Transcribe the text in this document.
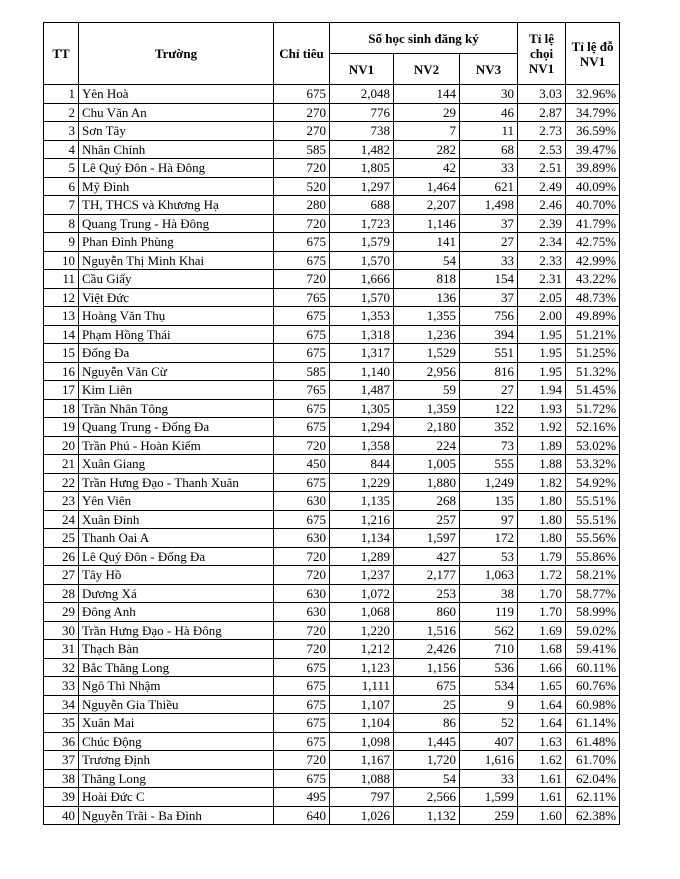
TT	Trường	Chỉ tiêu	Số học sinh đăng ký			Tỉ lệ chọi NV1	Tỉ lệ đỗ NV1
			NV1	NV2	NV3		
1	Yên Hoà	675	2,048	144	30	3.03	32.96%
2	Chu Văn An	270	776	29	46	2.87	34.79%
3	Sơn Tây	270	738	7	11	2.73	36.59%
4	Nhân Chính	585	1,482	282	68	2.53	39.47%
5	Lê Quý Đôn - Hà Đông	720	1,805	42	33	2.51	39.89%
6	Mỹ Đình	520	1,297	1,464	621	2.49	40.09%
7	TH, THCS và Khương Hạ	280	688	2,207	1,498	2.46	40.70%
8	Quang Trung - Hà Đông	720	1,723	1,146	37	2.39	41.79%
9	Phan Đình Phùng	675	1,579	141	27	2.34	42.75%
10	Nguyễn Thị Minh Khai	675	1,570	54	33	2.33	42.99%
11	Cầu Giấy	720	1,666	818	154	2.31	43.22%
12	Việt Đức	765	1,570	136	37	2.05	48.73%
13	Hoàng Văn Thụ	675	1,353	1,355	756	2.00	49.89%
14	Phạm Hồng Thái	675	1,318	1,236	394	1.95	51.21%
15	Đống Đa	675	1,317	1,529	551	1.95	51.25%
16	Nguyễn Văn Cừ	585	1,140	2,956	816	1.95	51.32%
17	Kim Liên	765	1,487	59	27	1.94	51.45%
18	Trần Nhân Tông	675	1,305	1,359	122	1.93	51.72%
19	Quang Trung - Đống Đa	675	1,294	2,180	352	1.92	52.16%
20	Trần Phú - Hoàn Kiếm	720	1,358	224	73	1.89	53.02%
21	Xuân Giang	450	844	1,005	555	1.88	53.32%
22	Trần Hưng Đạo - Thanh Xuân	675	1,229	1,880	1,249	1.82	54.92%
23	Yên Viên	630	1,135	268	135	1.80	55.51%
24	Xuân Đỉnh	675	1,216	257	97	1.80	55.51%
25	Thanh Oai A	630	1,134	1,597	172	1.80	55.56%
26	Lê Quý Đôn - Đống Đa	720	1,289	427	53	1.79	55.86%
27	Tây Hồ	720	1,237	2,177	1,063	1.72	58.21%
28	Dương Xá	630	1,072	253	38	1.70	58.77%
29	Đông Anh	630	1,068	860	119	1.70	58.99%
30	Trần Hưng Đạo - Hà Đông	720	1,220	1,516	562	1.69	59.02%
31	Thạch Bàn	720	1,212	2,426	710	1.68	59.41%
32	Bắc Thăng Long	675	1,123	1,156	536	1.66	60.11%
33	Ngô Thì Nhậm	675	1,111	675	534	1.65	60.76%
34	Nguyễn Gia Thiều	675	1,107	25	9	1.64	60.98%
35	Xuân Mai	675	1,104	86	52	1.64	61.14%
36	Chúc Động	675	1,098	1,445	407	1.63	61.48%
37	Trương Định	720	1,167	1,720	1,616	1.62	61.70%
38	Thăng Long	675	1,088	54	33	1.61	62.04%
39	Hoài Đức C	495	797	2,566	1,599	1.61	62.11%
40	Nguyễn Trãi - Ba Đình	640	1,026	1,132	259	1.60	62.38%
